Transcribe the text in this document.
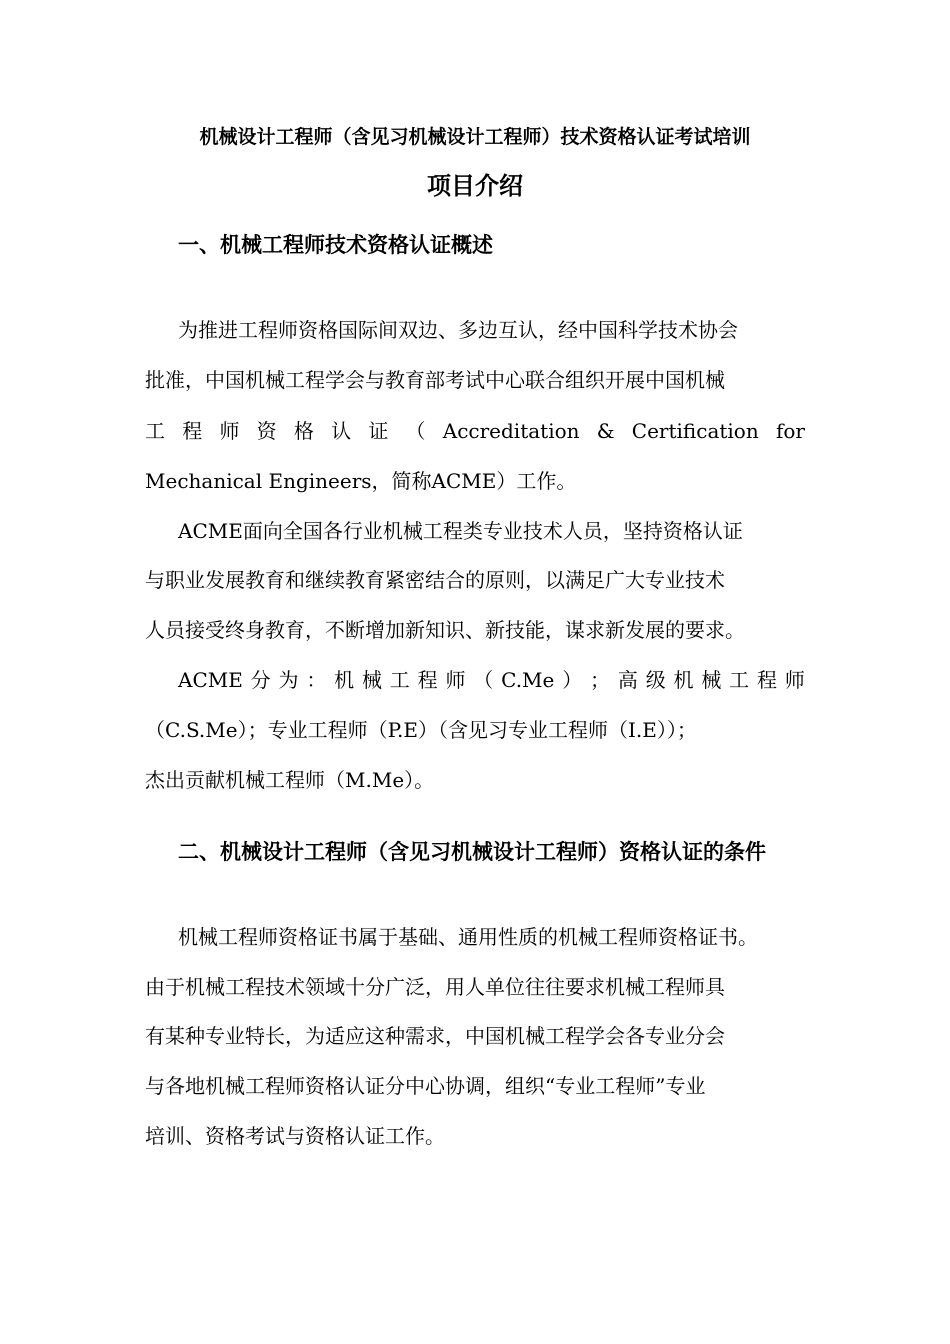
机械设计工程师（含见习机械设计工程师）技术资格认证考试培训
项目介绍
一、机械工程师技术资格认证概述

为推进工程师资格国际间双边、多边互认，经中国科学技术协会

批准，中国机械工程学会与教育部考试中心联合组织开展中国机械

工 程 师 资 格 认 证 （ Accreditation & Certification for

Mechanical Engineers，简称ACME）工作。

ACME面向全国各行业机械工程类专业技术人员，坚持资格认证

与职业发展教育和继续教育紧密结合的原则，以满足广大专业技术

人员接受终身教育，不断增加新知识、新技能，谋求新发展的要求。

ACME 分 为 ： 机 械 工 程 师 （ C.Me ） ； 高 级 机 械 工 程 师

（C.S.Me）；专业工程师（P.E）（含见习专业工程师（I.E））；

杰出贡献机械工程师（M.Me）。

二、机械设计工程师（含见习机械设计工程师）资格认证的条件

机械工程师资格证书属于基础、通用性质的机械工程师资格证书。

由于机械工程技术领域十分广泛，用人单位往往要求机械工程师具

有某种专业特长，为适应这种需求，中国机械工程学会各专业分会

与各地机械工程师资格认证分中心协调，组织“专业工程师”专业

培训、资格考试与资格认证工作。
